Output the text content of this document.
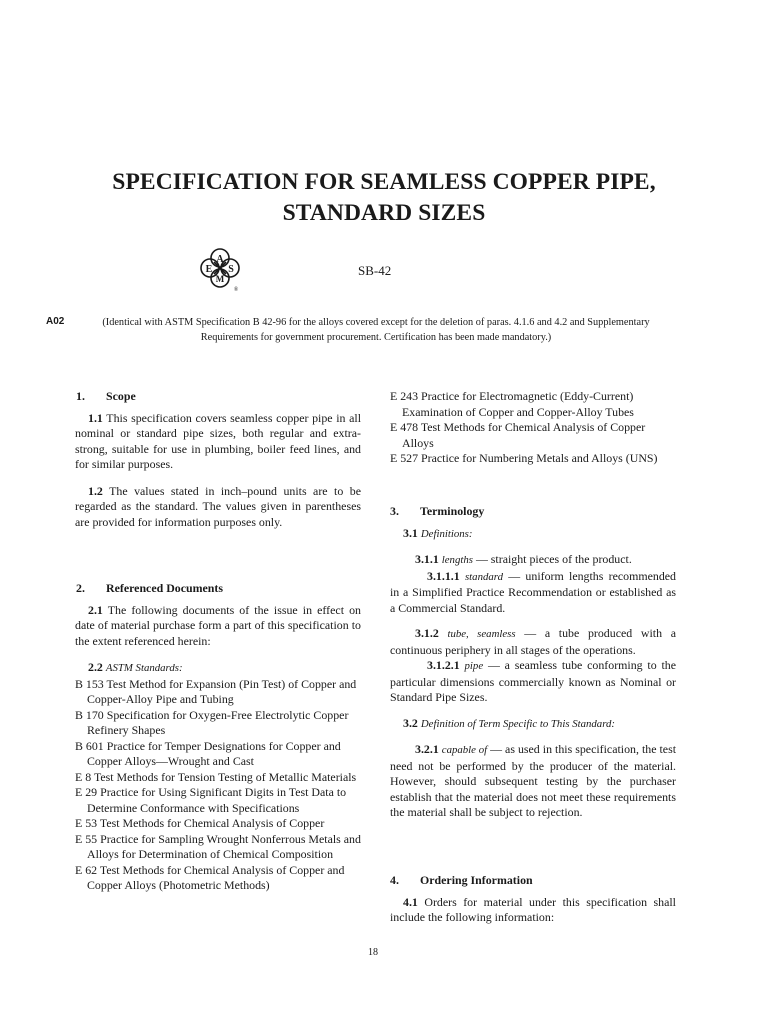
SPECIFICATION FOR SEAMLESS COPPER PIPE,
STANDARD SIZES
A
S
M
E
®
SB-42
A02	(Identical with ASTM Specification B 42-96 for the alloys covered except for the deletion of paras. 4.1.6 and 4.2 and Supplementary Requirements for government procurement. Certification has been made mandatory.)
1. Scope

1.1 This specification covers seamless copper pipe in all nominal or standard pipe sizes, both regular and extra-strong, suitable for use in plumbing, boiler feed lines, and for similar purposes.

1.2 The values stated in inch–pound units are to be regarded as the standard. The values given in parentheses are provided for information purposes only.

2. Referenced Documents

2.1 The following documents of the issue in effect on date of material purchase form a part of this specification to the extent referenced herein:

2.2 ASTM Standards:

B 153 Test Method for Expansion (Pin Test) of Copper and Copper-Alloy Pipe and Tubing

B 170 Specification for Oxygen-Free Electrolytic Copper Refinery Shapes

B 601 Practice for Temper Designations for Copper and Copper Alloys—Wrought and Cast

E 8 Test Methods for Tension Testing of Metallic Materials

E 29 Practice for Using Significant Digits in Test Data to Determine Conformance with Specifications

E 53 Test Methods for Chemical Analysis of Copper

E 55 Practice for Sampling Wrought Nonferrous Metals and Alloys for Determination of Chemical Composition

E 62 Test Methods for Chemical Analysis of Copper and Copper Alloys (Photometric Methods)

E 243 Practice for Electromagnetic (Eddy-Current) Examination of Copper and Copper-Alloy Tubes

E 478 Test Methods for Chemical Analysis of Copper Alloys

E 527 Practice for Numbering Metals and Alloys (UNS)

3. Terminology

3.1 Definitions:

3.1.1 lengths — straight pieces of the product.

3.1.1.1 standard — uniform lengths recommended in a Simplified Practice Recommendation or established as a Commercial Standard.

3.1.2 tube, seamless — a tube produced with a continuous periphery in all stages of the operations.

3.1.2.1 pipe — a seamless tube conforming to the particular dimensions commercially known as Nominal or Standard Pipe Sizes.

3.2 Definition of Term Specific to This Standard:

3.2.1 capable of — as used in this specification, the test need not be performed by the producer of the material. However, should subsequent testing by the purchaser establish that the material does not meet these requirements the material shall be subject to rejection.

4. Ordering Information

4.1 Orders for material under this specification shall include the following information:

18
